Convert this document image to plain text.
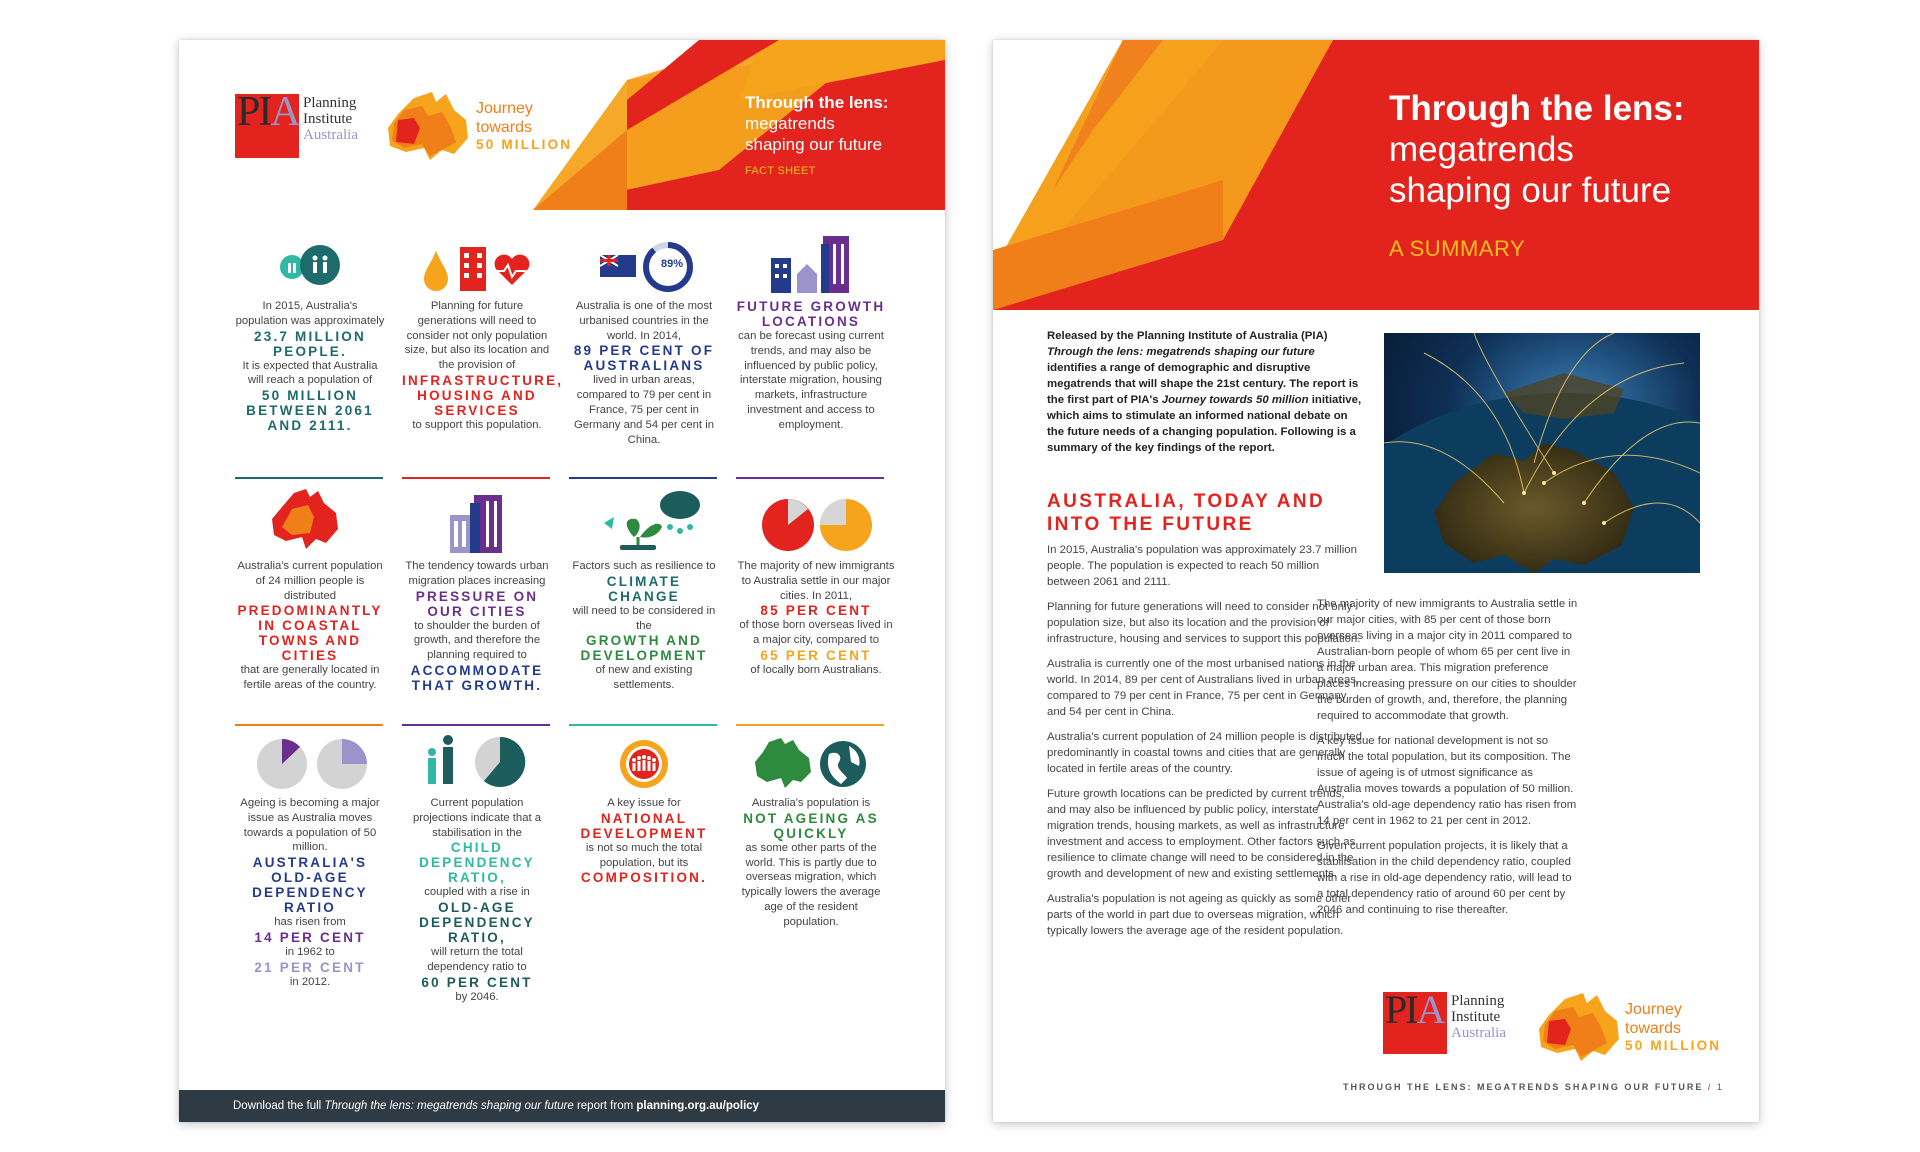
PIA Planning
Institute
Australia
Journey
towards
50 MILLION
Through the lens:
megatrends
shaping our future
FACT SHEET
In 2015, Australia's population was approximately
23.7 MILLION PEOPLE.
It is expected that Australia will reach a population of
50 MILLION BETWEEN 2061 AND 2111.
Planning for future generations will need to consider not only population size, but also its location and the provision of
INFRASTRUCTURE, HOUSING AND SERVICES
to support this population.
89%
Australia is one of the most urbanised countries in the world. In 2014,
89 PER CENT OF AUSTRALIANS
lived in urban areas, compared to 79 per cent in France, 75 per cent in Germany and 54 per cent in China.
FUTURE GROWTH LOCATIONS
can be forecast using current trends, and may also be influenced by public policy, interstate migration, housing markets, infrastructure investment and access to employment.
Australia's current population of 24 million people is distributed
PREDOMINANTLY IN COASTAL TOWNS AND CITIES
that are generally located in fertile areas of the country.
The tendency towards urban migration places increasing
PRESSURE ON OUR CITIES
to shoulder the burden of growth, and therefore the planning required to
ACCOMMODATE THAT GROWTH.
Factors such as resilience to
CLIMATE CHANGE
will need to be considered in the
GROWTH AND DEVELOPMENT
of new and existing settlements.
The majority of new immigrants to Australia settle in our major cities. In 2011,
85 PER CENT
of those born overseas lived in a major city, compared to
65 PER CENT
of locally born Australians.
Ageing is becoming a major issue as Australia moves towards a population of 50 million.
AUSTRALIA'S OLD-AGE DEPENDENCY RATIO
has risen from
14 PER CENT
in 1962 to
21 PER CENT
in 2012.
Current population projections indicate that a stabilisation in the
CHILD DEPENDENCY RATIO,
coupled with a rise in
OLD-AGE DEPENDENCY RATIO,
will return the total dependency ratio to
60 PER CENT
by 2046.
A key issue for
NATIONAL DEVELOPMENT
is not so much the total population, but its
COMPOSITION.
Australia's population is
NOT AGEING AS QUICKLY
as some other parts of the world. This is partly due to overseas migration, which typically lowers the average age of the resident population.
Download the full Through the lens: megatrends shaping our future report from planning.org.au/policy
Through the lens:
megatrends
shaping our future
A SUMMARY
Released by the Planning Institute of Australia (PIA) Through the lens: megatrends shaping our future identifies a range of demographic and disruptive megatrends that will shape the 21st century. The report is the first part of PIA's Journey towards 50 million initiative, which aims to stimulate an informed national debate on the future needs of a changing population. Following is a summary of the key findings of the report.
AUSTRALIA, TODAY AND INTO THE FUTURE

In 2015, Australia's population was approximately 23.7 million people. The population is expected to reach 50 million between 2061 and 2111.

Planning for future generations will need to consider not only population size, but also its location and the provision of infrastructure, housing and services to support this population.

Australia is currently one of the most urbanised nations in the world. In 2014, 89 per cent of Australians lived in urban areas, compared to 79 per cent in France, 75 per cent in Germany and 54 per cent in China.

Australia's current population of 24 million people is distributed predominantly in coastal towns and cities that are generally located in fertile areas of the country.

Future growth locations can be predicted by current trends, and may also be influenced by public policy, interstate migration trends, housing markets, as well as infrastructure investment and access to employment. Other factors such as resilience to climate change will need to be considered in the growth and development of new and existing settlements.

Australia's population is not ageing as quickly as some other parts of the world in part due to overseas migration, which typically lowers the average age of the resident population.

The majority of new immigrants to Australia settle in our major cities, with 85 per cent of those born overseas living in a major city in 2011 compared to Australian-born people of whom 65 per cent live in a major urban area. This migration preference places increasing pressure on our cities to shoulder the burden of growth, and, therefore, the planning required to accommodate that growth.

A key issue for national development is not so much the total population, but its composition. The issue of ageing is of utmost significance as Australia moves towards a population of 50 million. Australia's old-age dependency ratio has risen from 14 per cent in 1962 to 21 per cent in 2012.

Given current population projects, it is likely that a stabilisation in the child dependency ratio, coupled with a rise in old-age dependency ratio, will lead to a total dependency ratio of around 60 per cent by 2046 and continuing to rise thereafter.

PIA Planning
Institute
Australia
Journey
towards
50 MILLION
THROUGH THE LENS: MEGATRENDS SHAPING OUR FUTURE / 1
